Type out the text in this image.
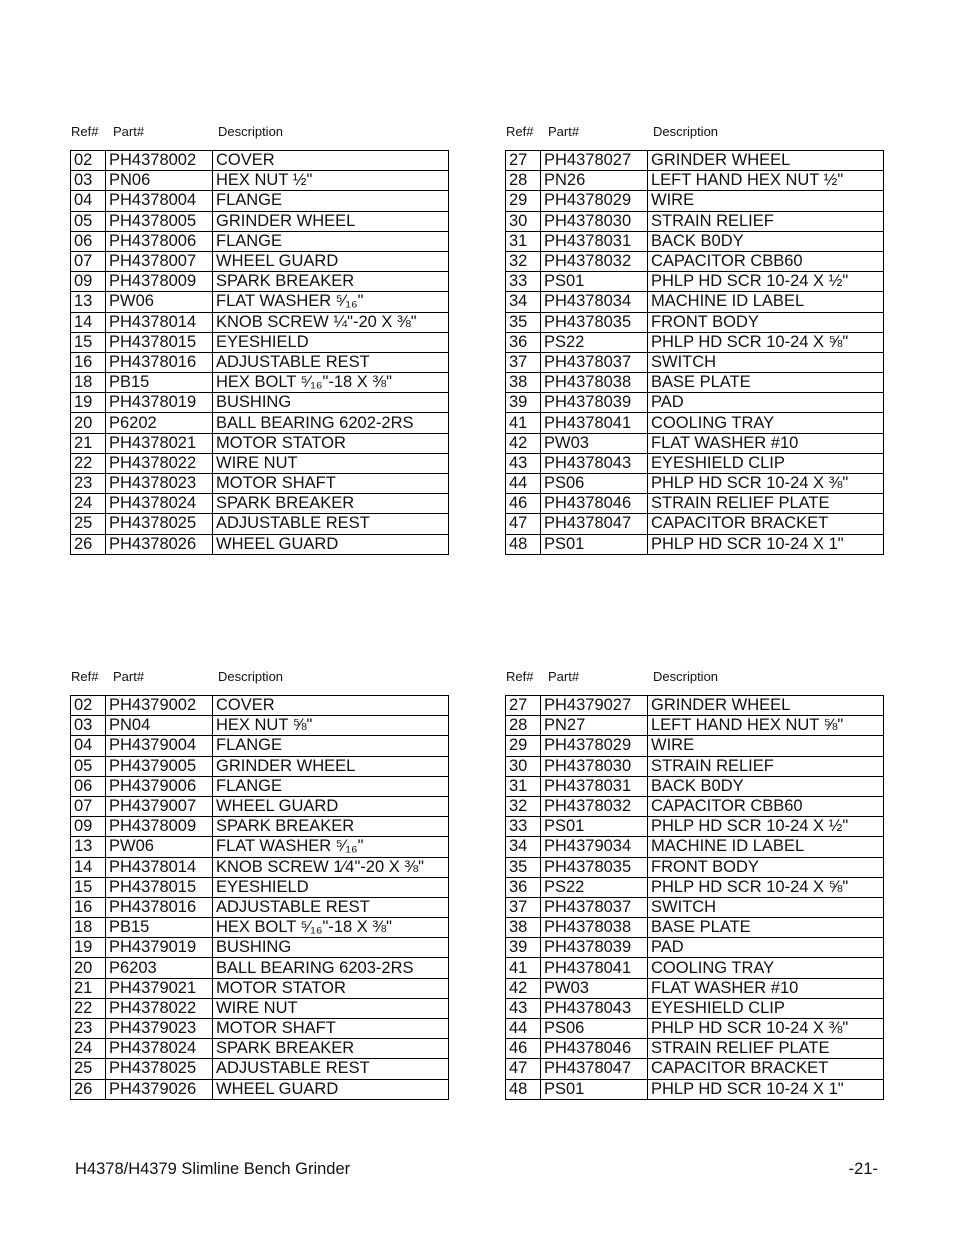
Ref# Part#	Description
02	PH4378002	COVER
03	PN06	HEX NUT ½"
04	PH4378004	FLANGE
05	PH4378005	GRINDER WHEEL
06	PH4378006	FLANGE
07	PH4378007	WHEEL GUARD
09	PH4378009	SPARK BREAKER
13	PW06	FLAT WASHER ⁵⁄₁₆"
14	PH4378014	KNOB SCREW ¼"-20 X ⅜"
15	PH4378015	EYESHIELD
16	PH4378016	ADJUSTABLE REST
18	PB15	HEX BOLT ⁵⁄₁₆"-18 X ⅜"
19	PH4378019	BUSHING
20	P6202	BALL BEARING 6202-2RS
21	PH4378021	MOTOR STATOR
22	PH4378022	WIRE NUT
23	PH4378023	MOTOR SHAFT
24	PH4378024	SPARK BREAKER
25	PH4378025	ADJUSTABLE REST
26	PH4378026	WHEEL GUARD
Ref# Part#	Description
27	PH4378027	GRINDER WHEEL
28	PN26	LEFT HAND HEX NUT ½"
29	PH4378029	WIRE
30	PH4378030	STRAIN RELIEF
31	PH4378031	BACK B0DY
32	PH4378032	CAPACITOR CBB60
33	PS01	PHLP HD SCR 10-24 X ½"
34	PH4378034	MACHINE ID LABEL
35	PH4378035	FRONT BODY
36	PS22	PHLP HD SCR 10-24 X ⅝"
37	PH4378037	SWITCH
38	PH4378038	BASE PLATE
39	PH4378039	PAD
41	PH4378041	COOLING TRAY
42	PW03	FLAT WASHER #10
43	PH4378043	EYESHIELD CLIP
44	PS06	PHLP HD SCR 10-24 X ⅜"
46	PH4378046	STRAIN RELIEF PLATE
47	PH4378047	CAPACITOR BRACKET
48	PS01	PHLP HD SCR 10-24 X 1"
Ref# Part#	Description
02	PH4379002	COVER
03	PN04	HEX NUT ⅝"
04	PH4379004	FLANGE
05	PH4379005	GRINDER WHEEL
06	PH4379006	FLANGE
07	PH4379007	WHEEL GUARD
09	PH4378009	SPARK BREAKER
13	PW06	FLAT WASHER ⁵⁄₁₆"
14	PH4378014	KNOB SCREW 1⁄4"-20 X ⅜"
15	PH4378015	EYESHIELD
16	PH4378016	ADJUSTABLE REST
18	PB15	HEX BOLT ⁵⁄₁₆"-18 X ⅜"
19	PH4379019	BUSHING
20	P6203	BALL BEARING 6203-2RS
21	PH4379021	MOTOR STATOR
22	PH4378022	WIRE NUT
23	PH4379023	MOTOR SHAFT
24	PH4378024	SPARK BREAKER
25	PH4378025	ADJUSTABLE REST
26	PH4379026	WHEEL GUARD
Ref# Part#	Description
27	PH4379027	GRINDER WHEEL
28	PN27	LEFT HAND HEX NUT ⅝"
29	PH4378029	WIRE
30	PH4378030	STRAIN RELIEF
31	PH4378031	BACK B0DY
32	PH4378032	CAPACITOR CBB60
33	PS01	PHLP HD SCR 10-24 X ½"
34	PH4379034	MACHINE ID LABEL
35	PH4378035	FRONT BODY
36	PS22	PHLP HD SCR 10-24 X ⅝"
37	PH4378037	SWITCH
38	PH4378038	BASE PLATE
39	PH4378039	PAD
41	PH4378041	COOLING TRAY
42	PW03	FLAT WASHER #10
43	PH4378043	EYESHIELD CLIP
44	PS06	PHLP HD SCR 10-24 X ⅜"
46	PH4378046	STRAIN RELIEF PLATE
47	PH4378047	CAPACITOR BRACKET
48	PS01	PHLP HD SCR 10-24 X 1"
H4378/H4379 Slimline Bench Grinder	-21-
